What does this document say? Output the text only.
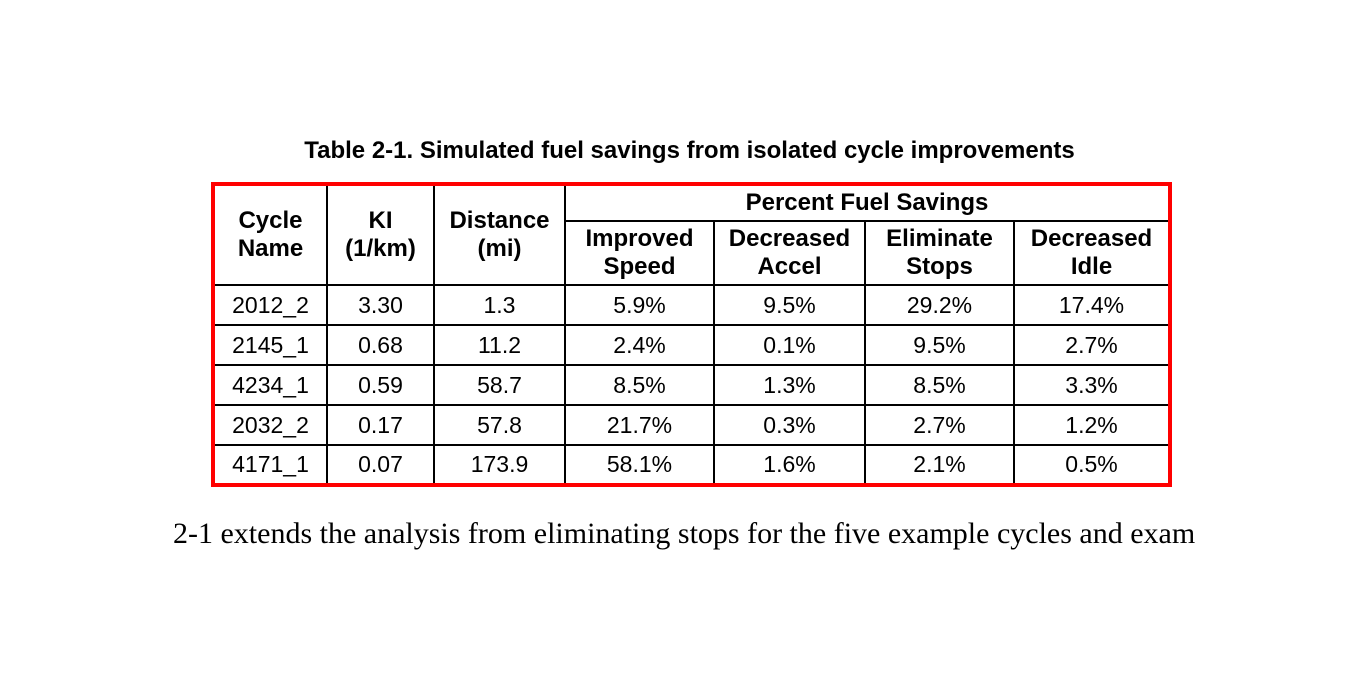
Table 2-1. Simulated fuel savings from isolated cycle improvements
Cycle Name	KI (1/km)	Distance (mi)	Percent Fuel Savings			
			Improved Speed	Decreased Accel	Eliminate Stops	Decreased Idle
2012_2	3.30	1.3	5.9%	9.5%	29.2%	17.4%
2145_1	0.68	11.2	2.4%	0.1%	9.5%	2.7%
4234_1	0.59	58.7	8.5%	1.3%	8.5%	3.3%
2032_2	0.17	57.8	21.7%	0.3%	2.7%	1.2%
4171_1	0.07	173.9	58.1%	1.6%	2.1%	0.5%

2-1 extends the analysis from eliminating stops for the five example cycles and exam
